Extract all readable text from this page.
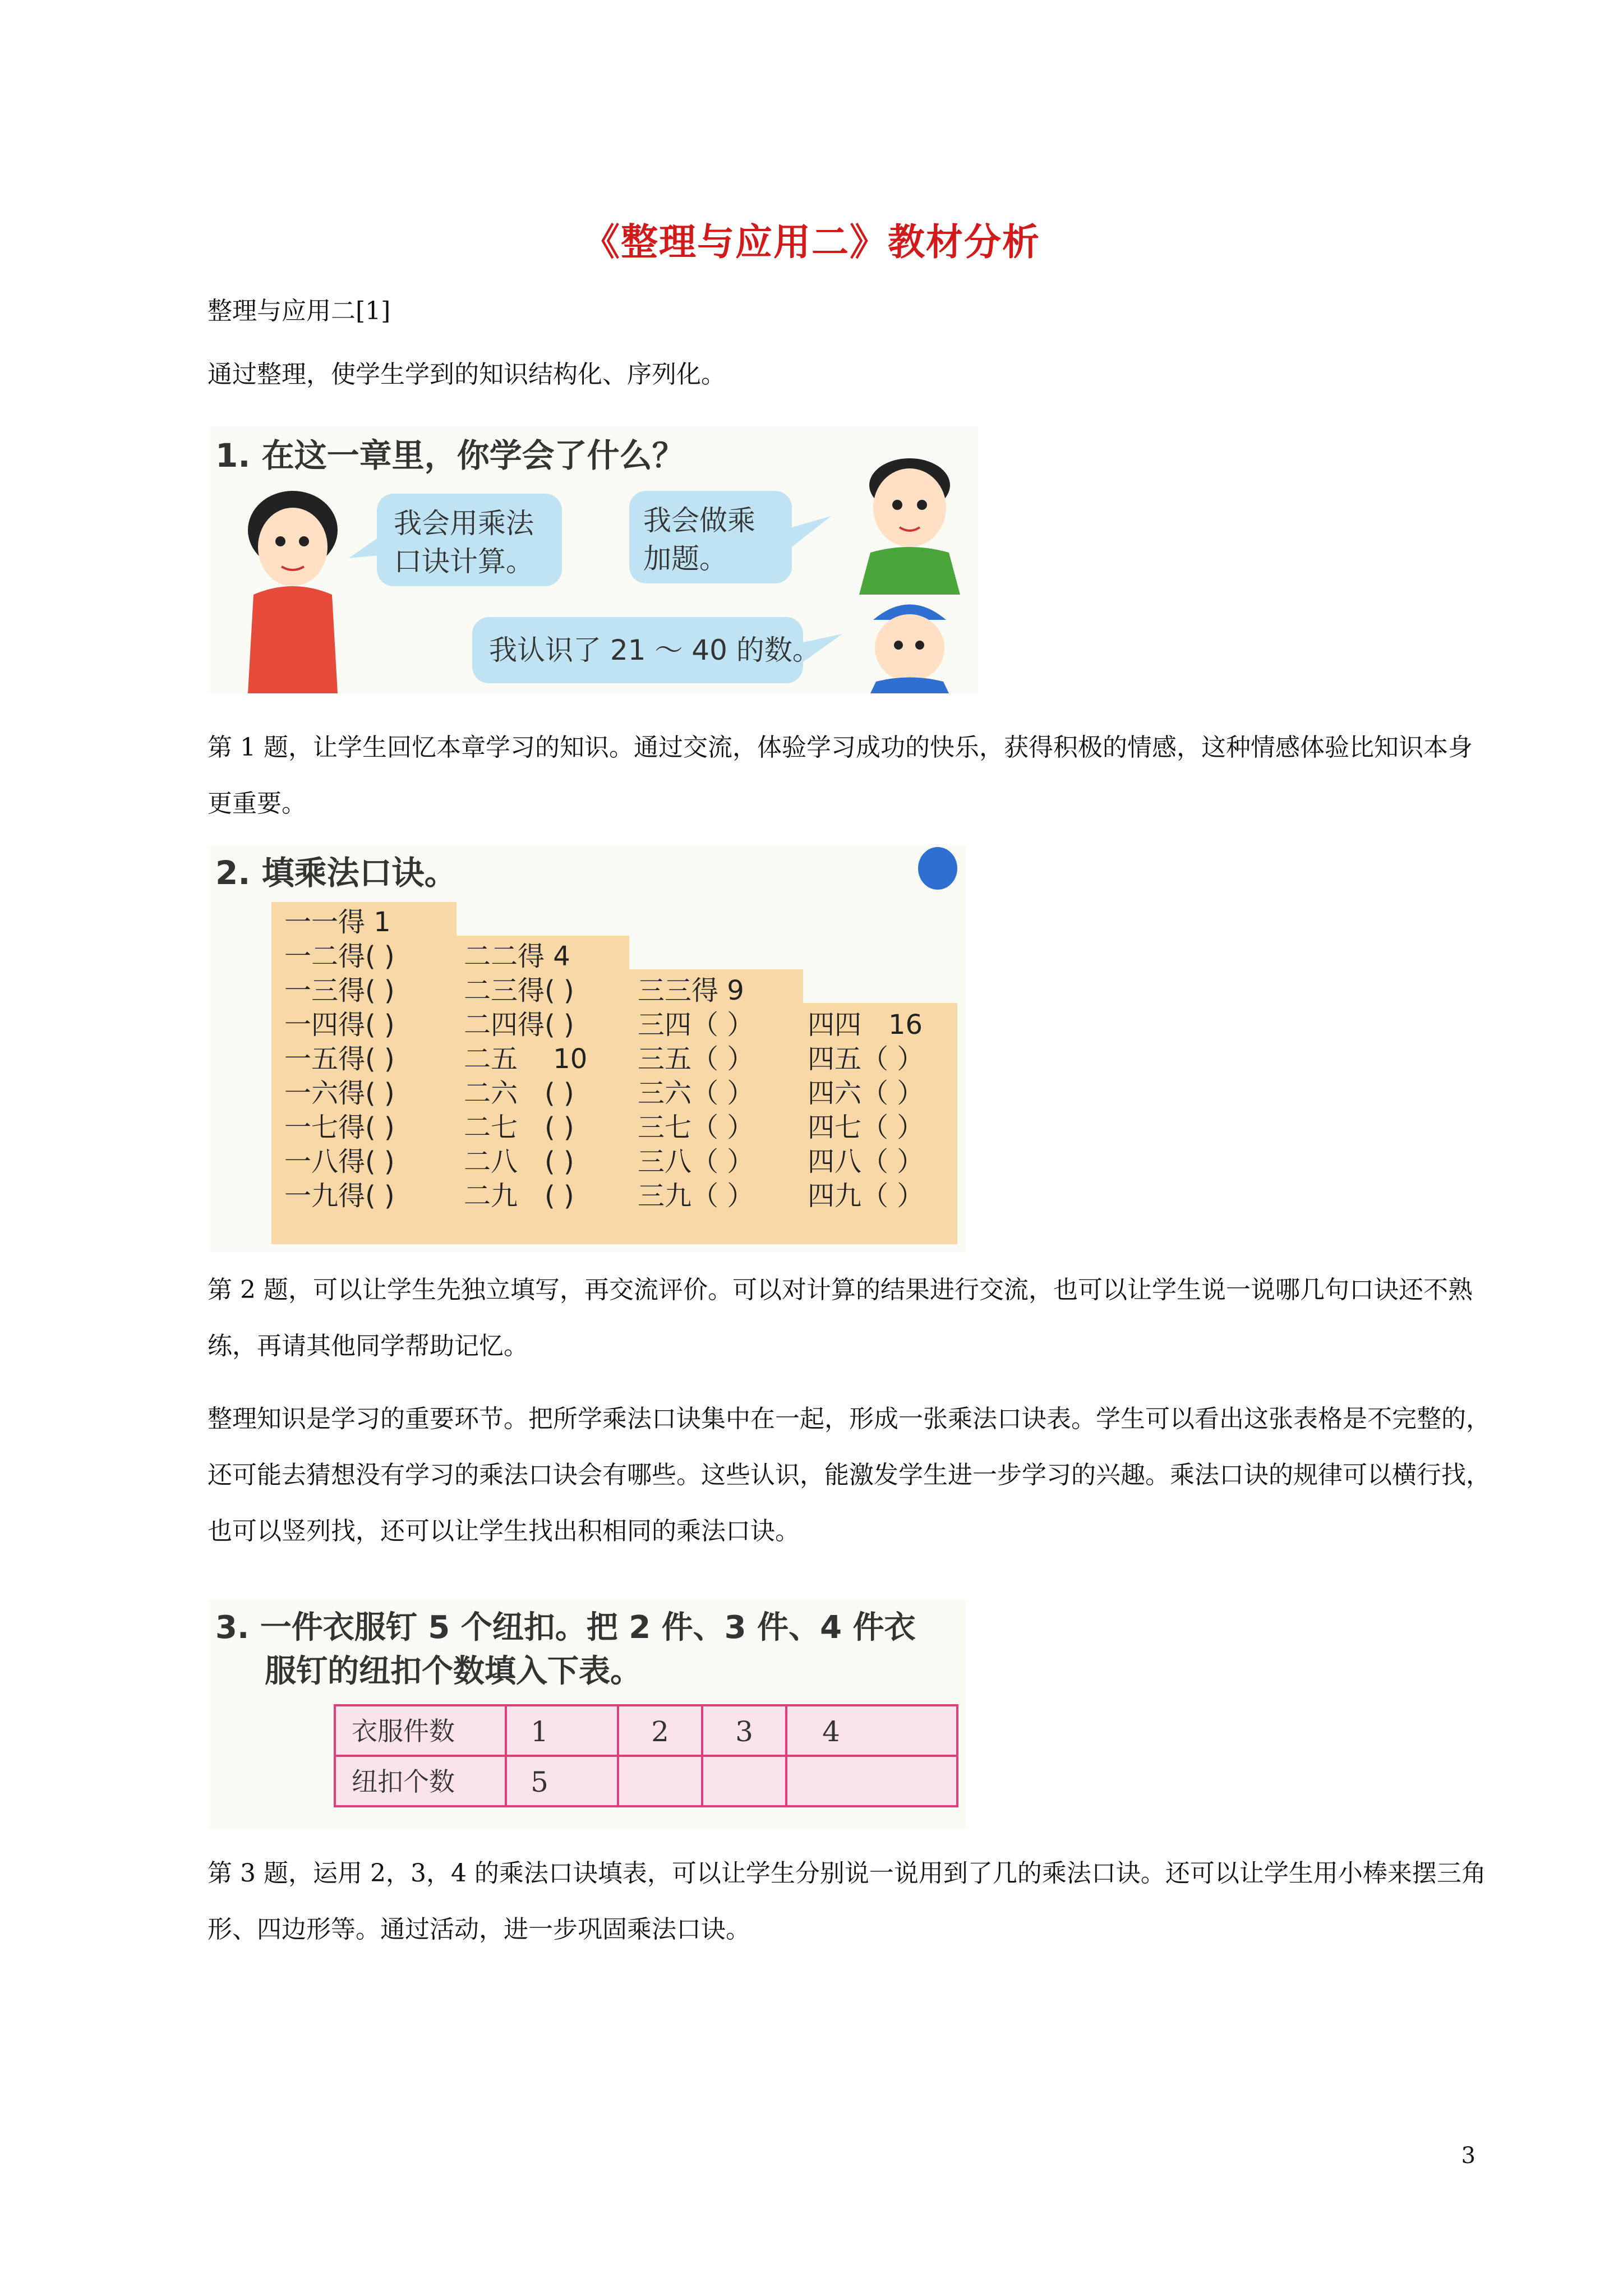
《整理与应用二》教材分析
整理与应用二[1]

通过整理，使学生学到的知识结构化、序列化。

1. 在这一章里，你学会了什么？
我会用乘法
口诀计算。
我会做乘
加题。
我认识了 21 ～ 40 的数。

第 1 题，让学生回忆本章学习的知识。通过交流，体验学习成功的快乐，获得积极的情感，这种情感体验比知识本身更重要。

2. 填乘法口诀。
一一得 1
一二得( )
一三得( )
一四得( )
一五得( )
一六得( )
一七得( )
一八得( )
一九得( )
二二得 4
二三得( )
二四得( )
二五　 10
二六　( )
二七　( )
二八　( )
二九　( )
三三得 9
三四（ ）
三五（ ）
三六（ ）
三七（ ）
三八（ ）
三九（ ）
四四　16
四五（ ）
四六（ ）
四七（ ）
四八（ ）
四九（ ）

第 2 题，可以让学生先独立填写，再交流评价。可以对计算的结果进行交流，也可以让学生说一说哪几句口诀还不熟练，再请其他同学帮助记忆。

整理知识是学习的重要环节。把所学乘法口诀集中在一起，形成一张乘法口诀表。学生可以看出这张表格是不完整的，还可能去猜想没有学习的乘法口诀会有哪些。这些认识，能激发学生进一步学习的兴趣。乘法口诀的规律可以横行找，也可以竖列找，还可以让学生找出积相同的乘法口诀。

3. 一件衣服钉 5 个纽扣。把 2 件、3 件、4 件衣
服钉的纽扣个数填入下表。
衣服件数
纽扣个数
1	2 3 4
5

第 3 题，运用 2，3，4 的乘法口诀填表，可以让学生分别说一说用到了几的乘法口诀。还可以让学生用小棒来摆三角形、四边形等。通过活动，进一步巩固乘法口诀。

3
